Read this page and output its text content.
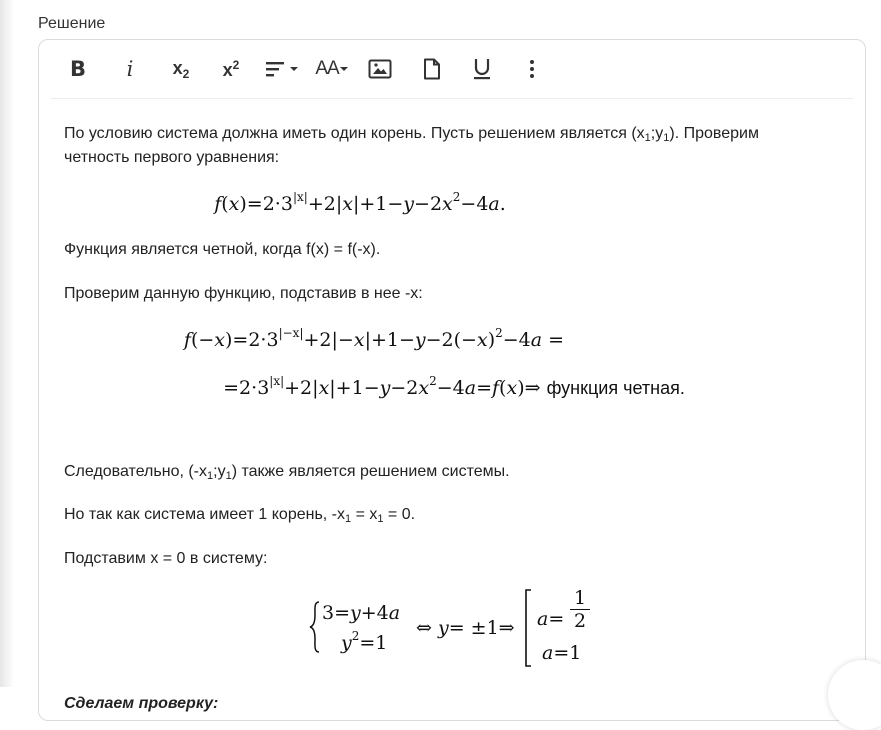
Решение
B i $x_2$ $x^2$	AA

По условию система должна иметь один корень. Пусть решением является $(x_1;y_1)$. Проверим
четность первого уравнения:

$f(x)=2\cdot 3^{|x|}+2|x|+1-y-2x^2-4a$.

Функция является четной, когда f(x) = f(-x).

Проверим данную функцию, подставив в нее -x:

$f(-x)=2\cdot 3^{|-x|}+2|-x|+1-y-2(-x)^2-4a$ =
$=2\cdot 3^{|x|}+2|x|+1-y-2x^2-4a=f(x)\Rightarrow$ функция четная.

Следовательно, $(-x_1;y_1)$ также является решением системы.

Но так как система имеет 1 корень, $-x_1 = x_1 = 0$.

Подставим x = 0 в систему:

3=y+4a
$y^2=1$
⇔ y= ±1⇒ a=
1
2
a=1

Сделаем проверку:
